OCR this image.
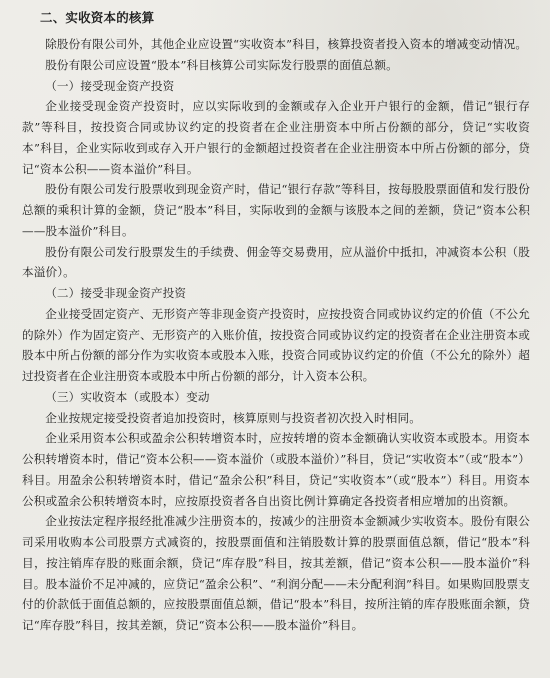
二、实收资本的核算

除股份有限公司外，其他企业应设置“实收资本”科目，核算投资者投入资本的增减变动情况。

股份有限公司应设置“股本”科目核算公司实际发行股票的面值总额。

（一）接受现金资产投资

企业接受现金资产投资时，应以实际收到的金额或存入企业开户银行的金额，借记“银行存款”等科目，按投资合同或协议约定的投资者在企业注册资本中所占份额的部分，贷记“实收资本”科目，企业实际收到或存入开户银行的金额超过投资者在企业注册资本中所占份额的部分，贷记“资本公积——资本溢价”科目。

股份有限公司发行股票收到现金资产时，借记“银行存款”等科目，按每股股票面值和发行股份总额的乘积计算的金额，贷记“股本”科目，实际收到的金额与该股本之间的差额，贷记“资本公积——股本溢价”科目。

股份有限公司发行股票发生的手续费、佣金等交易费用，应从溢价中抵扣，冲减资本公积（股本溢价）。

（二）接受非现金资产投资

企业接受固定资产、无形资产等非现金资产投资时，应按投资合同或协议约定的价值（不公允的除外）作为固定资产、无形资产的入账价值，按投资合同或协议约定的投资者在企业注册资本或股本中所占份额的部分作为实收资本或股本入账，投资合同或协议约定的价值（不公允的除外）超过投资者在企业注册资本或股本中所占份额的部分，计入资本公积。

（三）实收资本（或股本）变动

企业按规定接受投资者追加投资时，核算原则与投资者初次投入时相同。

企业采用资本公积或盈余公积转增资本时，应按转增的资本金额确认实收资本或股本。用资本公积转增资本时，借记“资本公积——资本溢价（或股本溢价）”科目，贷记“实收资本”（或“股本”）科目。用盈余公积转增资本时，借记“盈余公积”科目，贷记“实收资本”（或“股本”）科目。用资本公积或盈余公积转增资本时，应按原投资者各自出资比例计算确定各投资者相应增加的出资额。

企业按法定程序报经批准减少注册资本的，按减少的注册资本金额减少实收资本。股份有限公司采用收购本公司股票方式减资的，按股票面值和注销股数计算的股票面值总额，借记“股本”科目，按注销库存股的账面余额，贷记“库存股”科目，按其差额，借记“资本公积——股本溢价”科目。股本溢价不足冲减的，应贷记“盈余公积”、“利润分配——未分配利润”科目。如果购回股票支付的价款低于面值总额的，应按股票面值总额，借记“股本”科目，按所注销的库存股账面余额，贷记“库存股”科目，按其差额，贷记“资本公积——股本溢价”科目。
